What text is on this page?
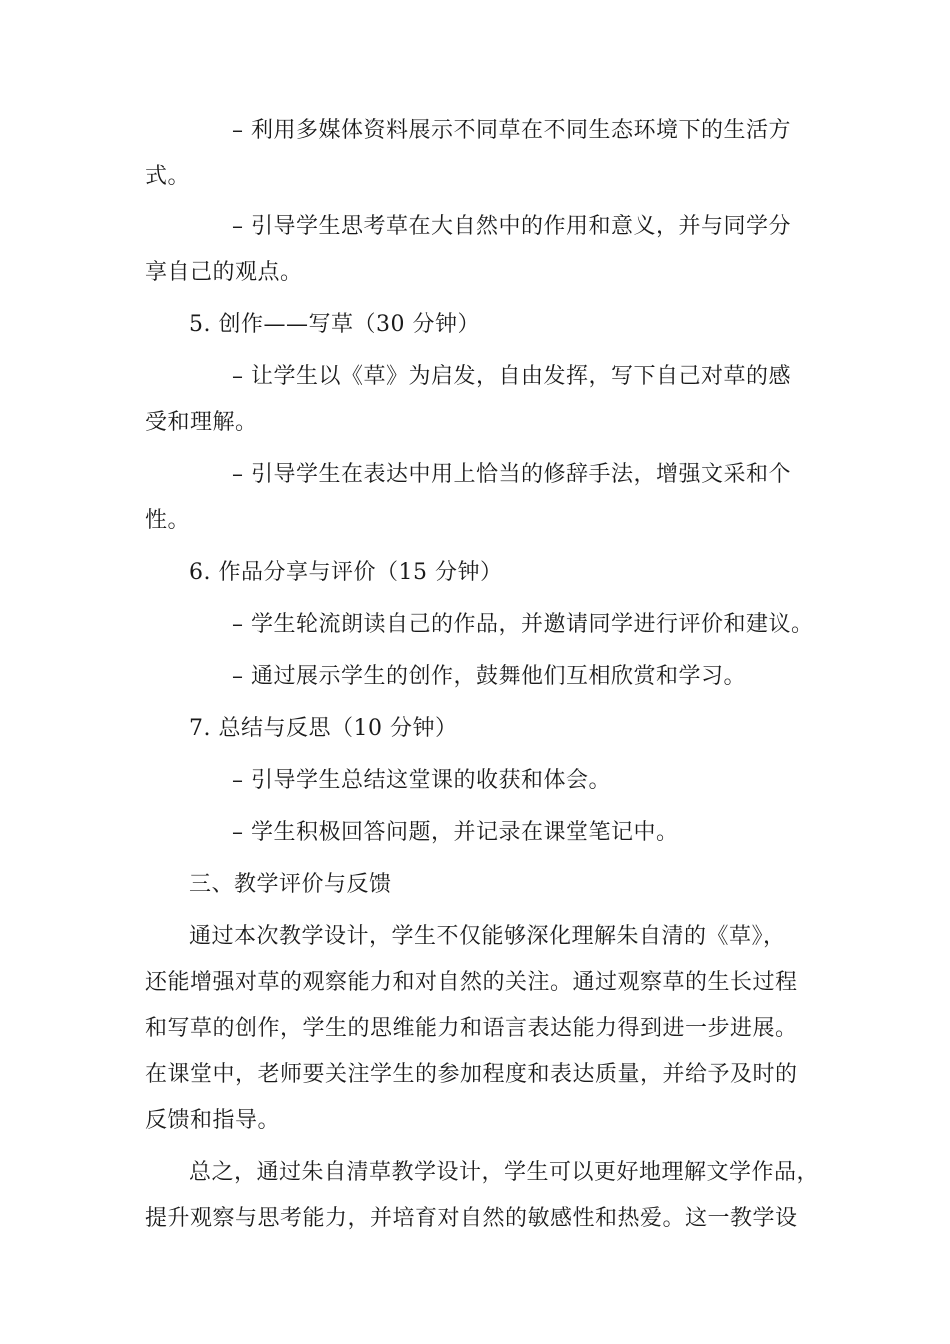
– 利用多媒体资料展示不同草在不同生态环境下的生活方
式。
– 引导学生思考草在大自然中的作用和意义，并与同学分
享自己的观点。
5. 创作——写草（30 分钟）
– 让学生以《草》为启发，自由发挥，写下自己对草的感
受和理解。
– 引导学生在表达中用上恰当的修辞手法，增强文采和个
性。
6. 作品分享与评价（15 分钟）
– 学生轮流朗读自己的作品，并邀请同学进行评价和建议。
– 通过展示学生的创作，鼓舞他们互相欣赏和学习。
7. 总结与反思（10 分钟）
– 引导学生总结这堂课的收获和体会。
– 学生积极回答问题，并记录在课堂笔记中。
三、教学评价与反馈
通过本次教学设计，学生不仅能够深化理解朱自清的《草》，
还能增强对草的观察能力和对自然的关注。通过观察草的生长过程
和写草的创作，学生的思维能力和语言表达能力得到进一步进展。
在课堂中，老师要关注学生的参加程度和表达质量，并给予及时的
反馈和指导。
总之，通过朱自清草教学设计，学生可以更好地理解文学作品，
提升观察与思考能力，并培育对自然的敏感性和热爱。这一教学设
